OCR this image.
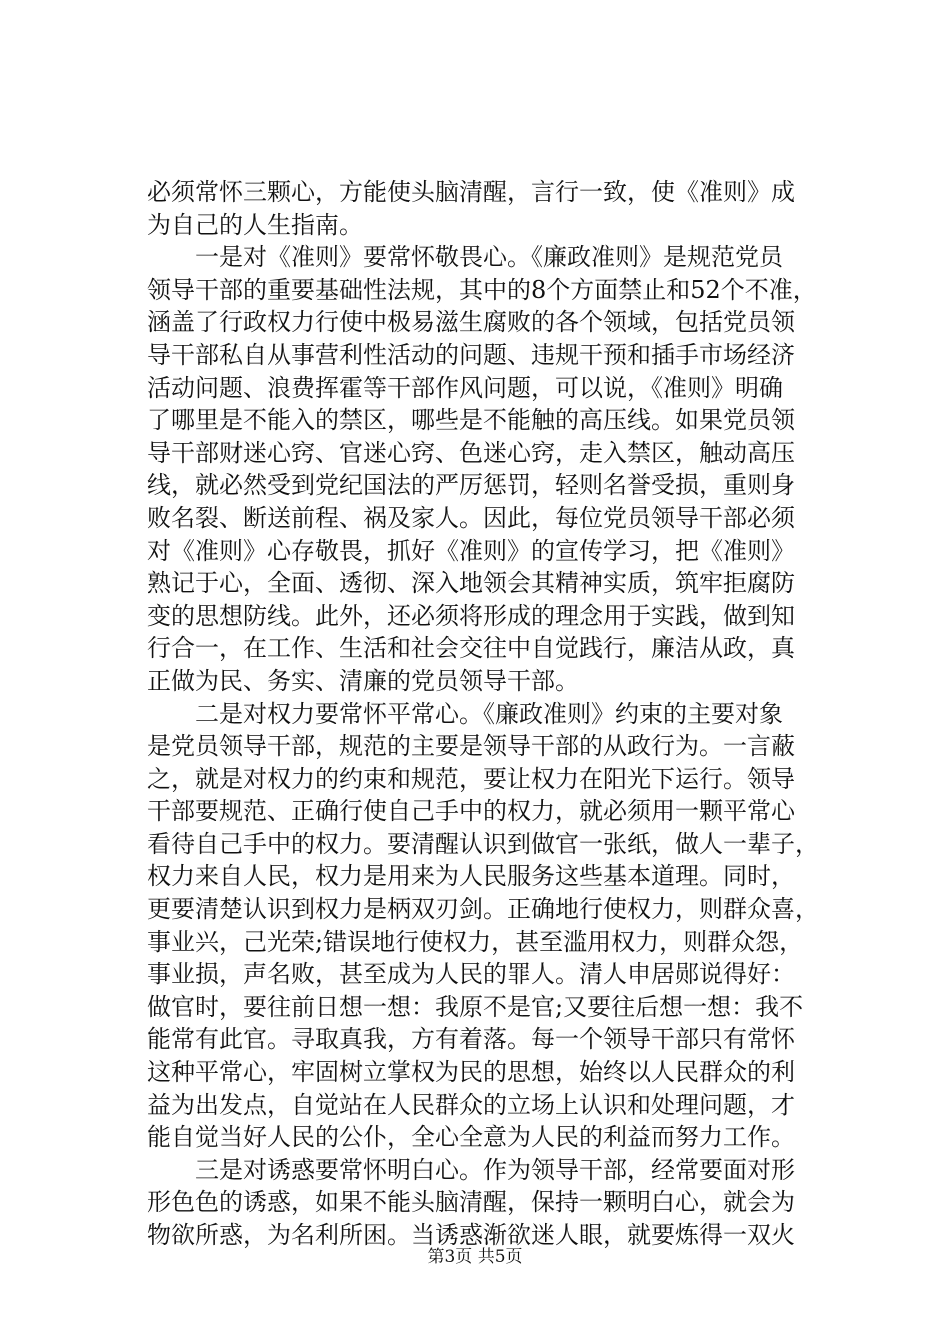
必须常怀三颗心，方能使头脑清醒，言行一致，使《准则》成
为自己的人生指南。
　　一是对《准则》要常怀敬畏心。《廉政准则》是规范党员
领导干部的重要基础性法规，其中的8个方面禁止和52个不准，
涵盖了行政权力行使中极易滋生腐败的各个领域，包括党员领
导干部私自从事营利性活动的问题、违规干预和插手市场经济
活动问题、浪费挥霍等干部作风问题，可以说，《准则》明确
了哪里是不能入的禁区，哪些是不能触的高压线。如果党员领
导干部财迷心窍、官迷心窍、色迷心窍，走入禁区，触动高压
线，就必然受到党纪国法的严厉惩罚，轻则名誉受损，重则身
败名裂、断送前程、祸及家人。因此，每位党员领导干部必须
对《准则》心存敬畏，抓好《准则》的宣传学习，把《准则》
熟记于心，全面、透彻、深入地领会其精神实质，筑牢拒腐防
变的思想防线。此外，还必须将形成的理念用于实践，做到知
行合一，在工作、生活和社会交往中自觉践行，廉洁从政，真
正做为民、务实、清廉的党员领导干部。
　　二是对权力要常怀平常心。《廉政准则》约束的主要对象
是党员领导干部，规范的主要是领导干部的从政行为。一言蔽
之，就是对权力的约束和规范，要让权力在阳光下运行。领导
干部要规范、正确行使自己手中的权力，就必须用一颗平常心
看待自己手中的权力。要清醒认识到做官一张纸，做人一辈子，
权力来自人民，权力是用来为人民服务这些基本道理。同时，
更要清楚认识到权力是柄双刃剑。正确地行使权力，则群众喜，
事业兴，己光荣;错误地行使权力，甚至滥用权力，则群众怨，
事业损，声名败，甚至成为人民的罪人。清人申居郧说得好：
做官时，要往前日想一想：我原不是官;又要往后想一想：我不
能常有此官。寻取真我，方有着落。每一个领导干部只有常怀
这种平常心，牢固树立掌权为民的思想，始终以人民群众的利
益为出发点，自觉站在人民群众的立场上认识和处理问题，才
能自觉当好人民的公仆，全心全意为人民的利益而努力工作。
　　三是对诱惑要常怀明白心。作为领导干部，经常要面对形
形色色的诱惑，如果不能头脑清醒，保持一颗明白心，就会为
物欲所惑，为名利所困。当诱惑渐欲迷人眼，就要炼得一双火
第3页 共5页
